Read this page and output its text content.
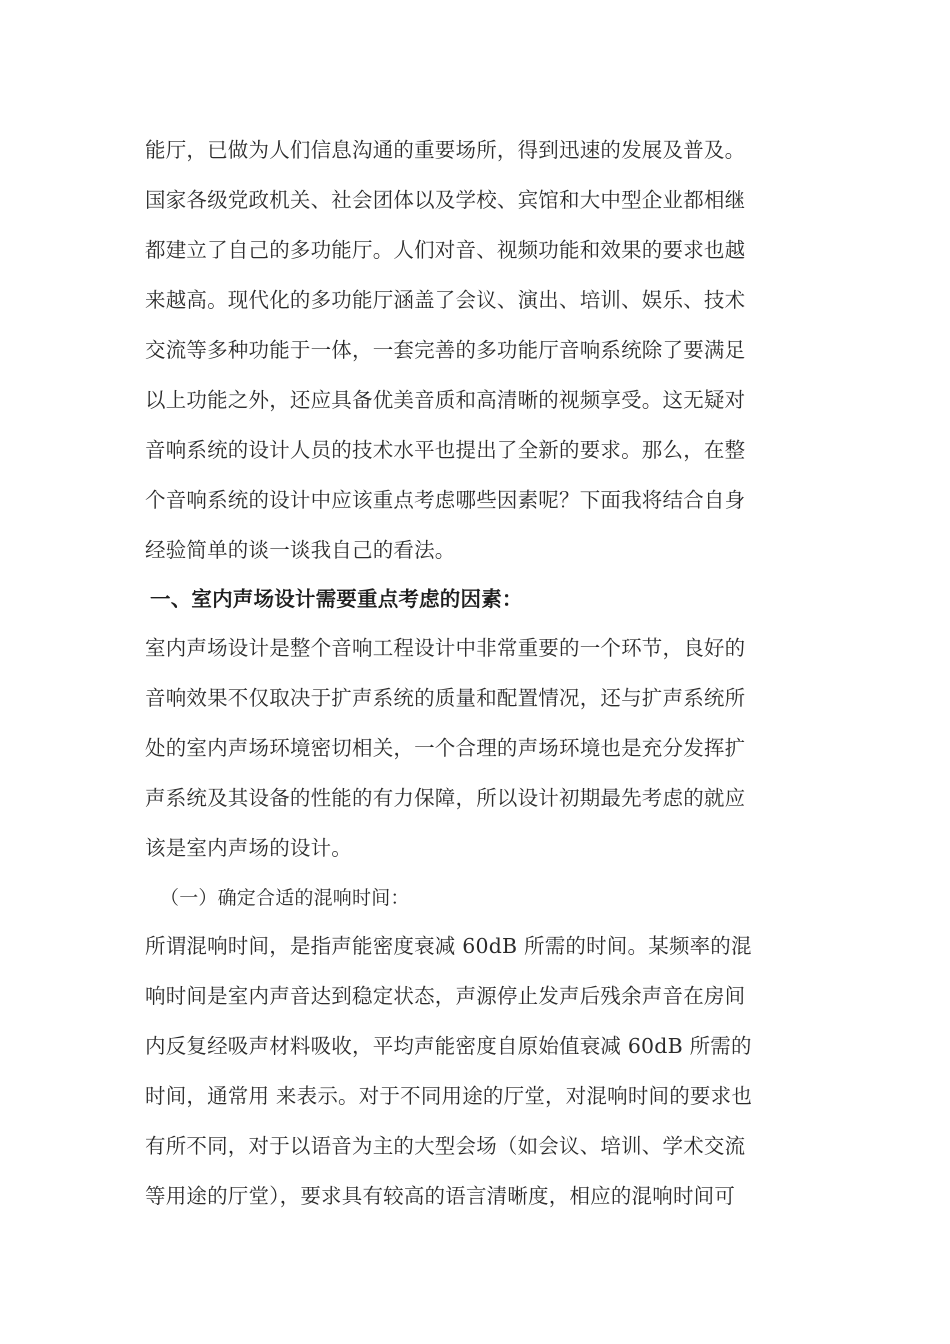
能厅，已做为人们信息沟通的重要场所，得到迅速的发展及普及。
国家各级党政机关、社会团体以及学校、宾馆和大中型企业都相继
都建立了自己的多功能厅。人们对音、视频功能和效果的要求也越
来越高。现代化的多功能厅涵盖了会议、演出、培训、娱乐、技术
交流等多种功能于一体，一套完善的多功能厅音响系统除了要满足
以上功能之外，还应具备优美音质和高清晰的视频享受。这无疑对
音响系统的设计人员的技术水平也提出了全新的要求。那么，在整
个音响系统的设计中应该重点考虑哪些因素呢？下面我将结合自身
经验简单的谈一谈我自己的看法。
一、室内声场设计需要重点考虑的因素：
室内声场设计是整个音响工程设计中非常重要的一个环节，良好的
音响效果不仅取决于扩声系统的质量和配置情况，还与扩声系统所
处的室内声场环境密切相关，一个合理的声场环境也是充分发挥扩
声系统及其设备的性能的有力保障，所以设计初期最先考虑的就应
该是室内声场的设计。
（一）确定合适的混响时间：
所谓混响时间，是指声能密度衰减 60dB 所需的时间。某频率的混
响时间是室内声音达到稳定状态，声源停止发声后残余声音在房间
内反复经吸声材料吸收，平均声能密度自原始值衰减 60dB 所需的
时间，通常用 来表示。对于不同用途的厅堂，对混响时间的要求也
有所不同，对于以语音为主的大型会场（如会议、培训、学术交流
等用途的厅堂），要求具有较高的语言清晰度，相应的混响时间可
